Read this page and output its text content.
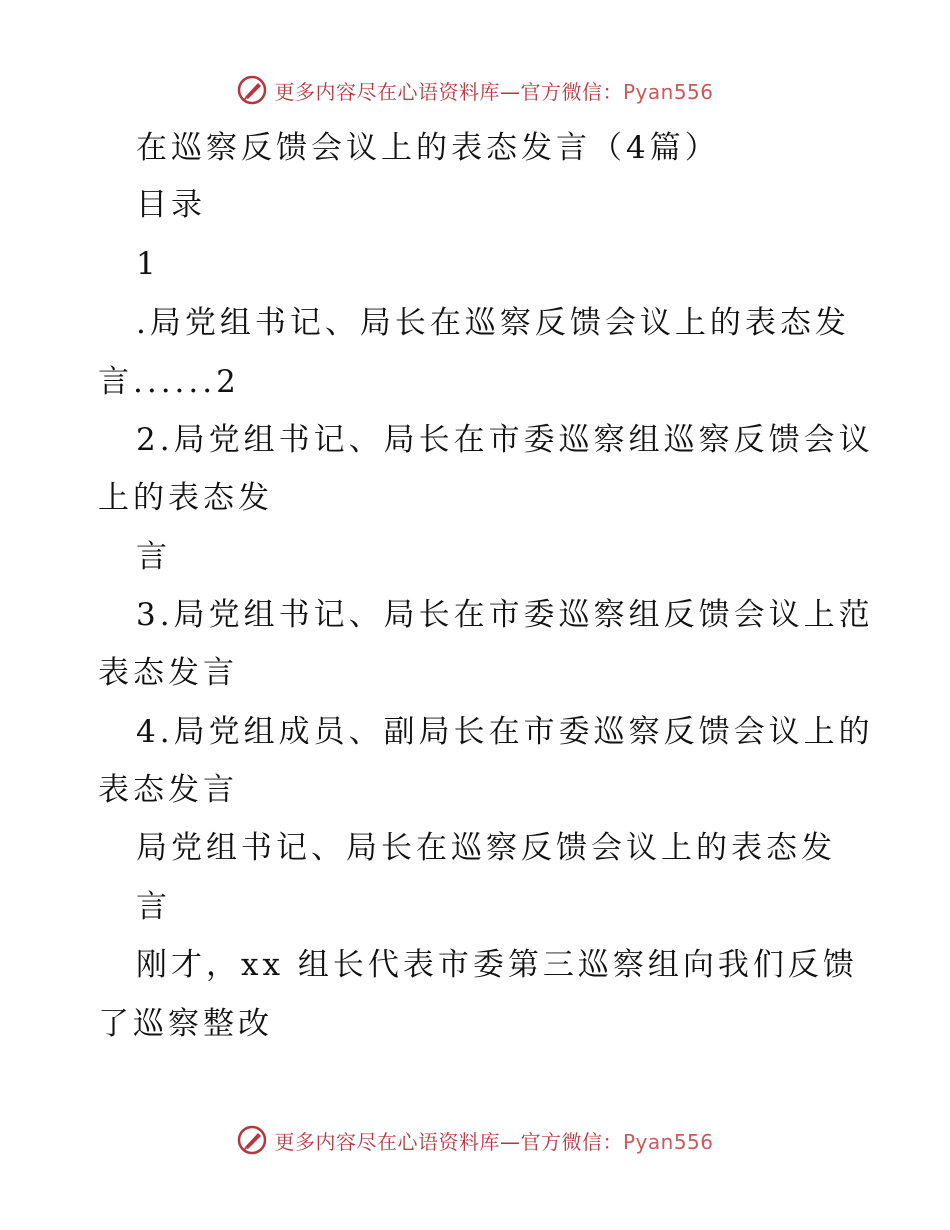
更多内容尽在心语资料库—官方微信：Pyan556
在巡察反馈会议上的表态发言（4篇）
目录
1
.局党组书记、局长在巡察反馈会议上的表态发
言......2
2.局党组书记、局长在市委巡察组巡察反馈会议
上的表态发
言
3.局党组书记、局长在市委巡察组反馈会议上范
表态发言
4.局党组成员、副局长在市委巡察反馈会议上的
表态发言
局党组书记、局长在巡察反馈会议上的表态发
言
刚才，xx 组长代表市委第三巡察组向我们反馈
了巡察整改
更多内容尽在心语资料库—官方微信：Pyan556
